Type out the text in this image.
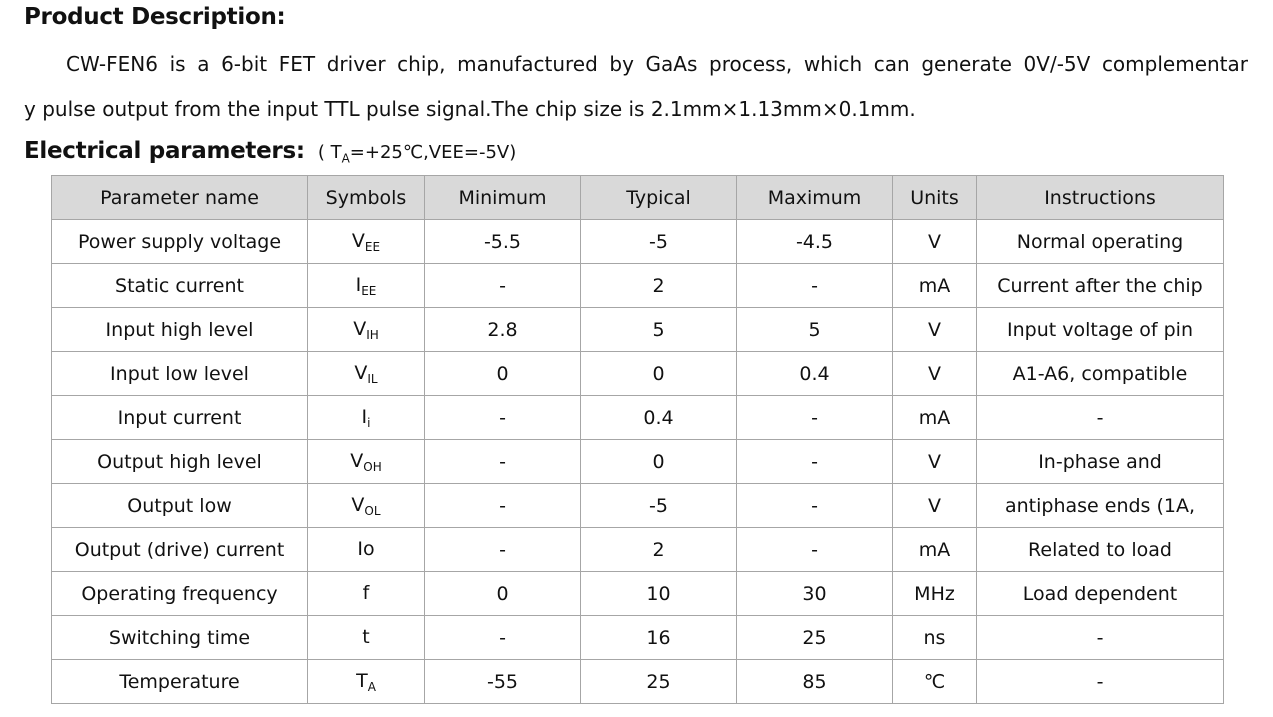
Product Description:
CW-FEN6 is a 6-bit FET driver chip, manufactured by GaAs process, which can generate 0V/-5V complementar
y pulse output from the input TTL pulse signal.The chip size is 2.1mm×1.13mm×0.1mm.
Electrical parameters: ( $T_A=+25℃,VEE=-5V$)
Parameter name	Symbols	Minimum	Typical	Maximum	Units	Instructions
Power supply voltage	$V_{EE}$	-5.5	-5	-4.5	V	Normal operating
Static current	$I_{EE}$	-	2	-	mA	Current after the chip
Input high level	$V_{IH}$	2.8	5	5	V	Input voltage of pin
Input low level	$V_{IL}$	0	0	0.4	V	A1-A6, compatible
Input current	$I_i$	-	0.4	-	mA	-
Output high level	$V_{OH}$	-	0	-	V	In-phase and
Output low	$V_{OL}$	-	-5	-	V	antiphase ends (1A,
Output (drive) current	Io	-	2	-	mA	Related to load
Operating frequency	f	0	10	30	MHz	Load dependent
Switching time	t	-	16	25	ns	-
Temperature	$T_A$	-55	25	85	℃	-
